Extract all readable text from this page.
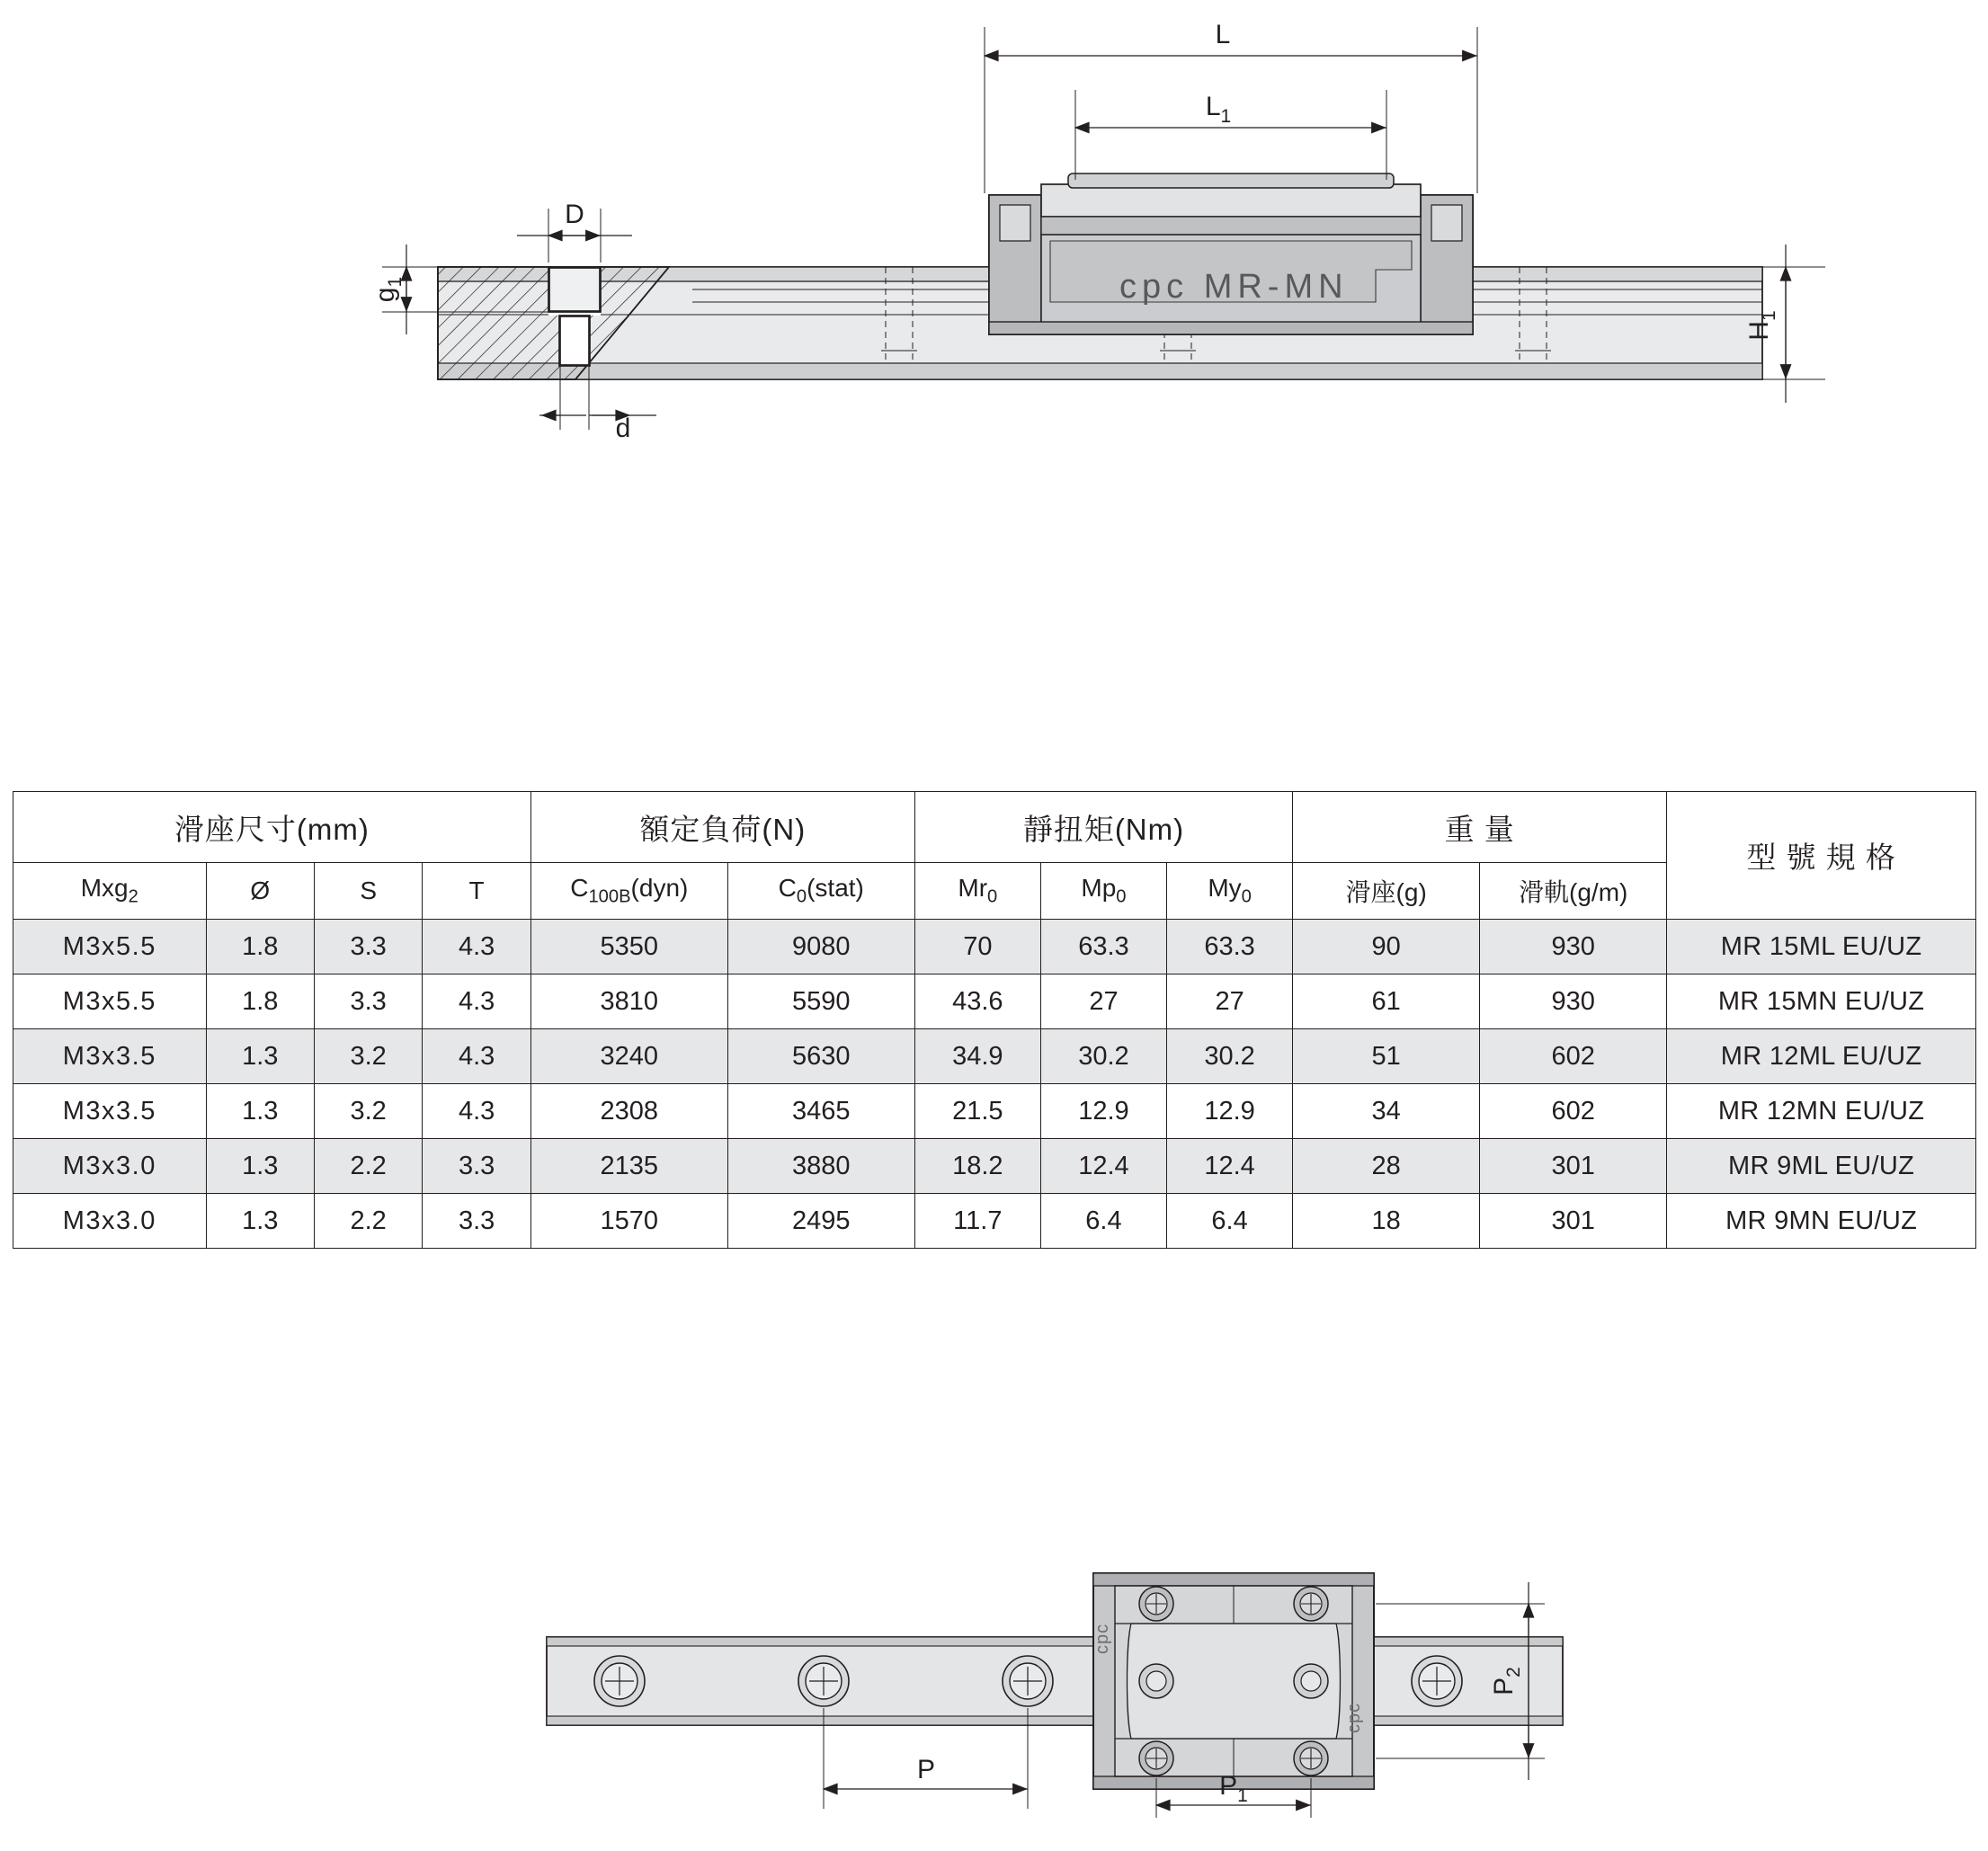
cpc MR-MN
L
$L_1$
D
d
$g_1$
$H_1$
滑座尺寸(mm)				額定負荷(N)		靜扭矩(Nm)			重 量		型 號 規 格
Mxg$_2$	Ø	S	T	$C_{100B}(dyn)$	$C_0(stat)$	$Mr_0$	$Mp_0$	$My_0$	滑座(g)	滑軌(g/m)	
M3x5.5	1.8	3.3	4.3	5350	9080	70	63.3	63.3	90	930	MR 15ML EU/UZ
M3x5.5	1.8	3.3	4.3	3810	5590	43.6	27	27	61	930	MR 15MN EU/UZ
M3x3.5	1.3	3.2	4.3	3240	5630	34.9	30.2	30.2	51	602	MR 12ML EU/UZ
M3x3.5	1.3	3.2	4.3	2308	3465	21.5	12.9	12.9	34	602	MR 12MN EU/UZ
M3x3.0	1.3	2.2	3.3	2135	3880	18.2	12.4	12.4	28	301	MR 9ML EU/UZ
M3x3.0	1.3	2.2	3.3	1570	2495	11.7	6.4	6.4	18	301	MR 9MN EU/UZ
cpc
cpc
P
$P_1$
$P_2$
